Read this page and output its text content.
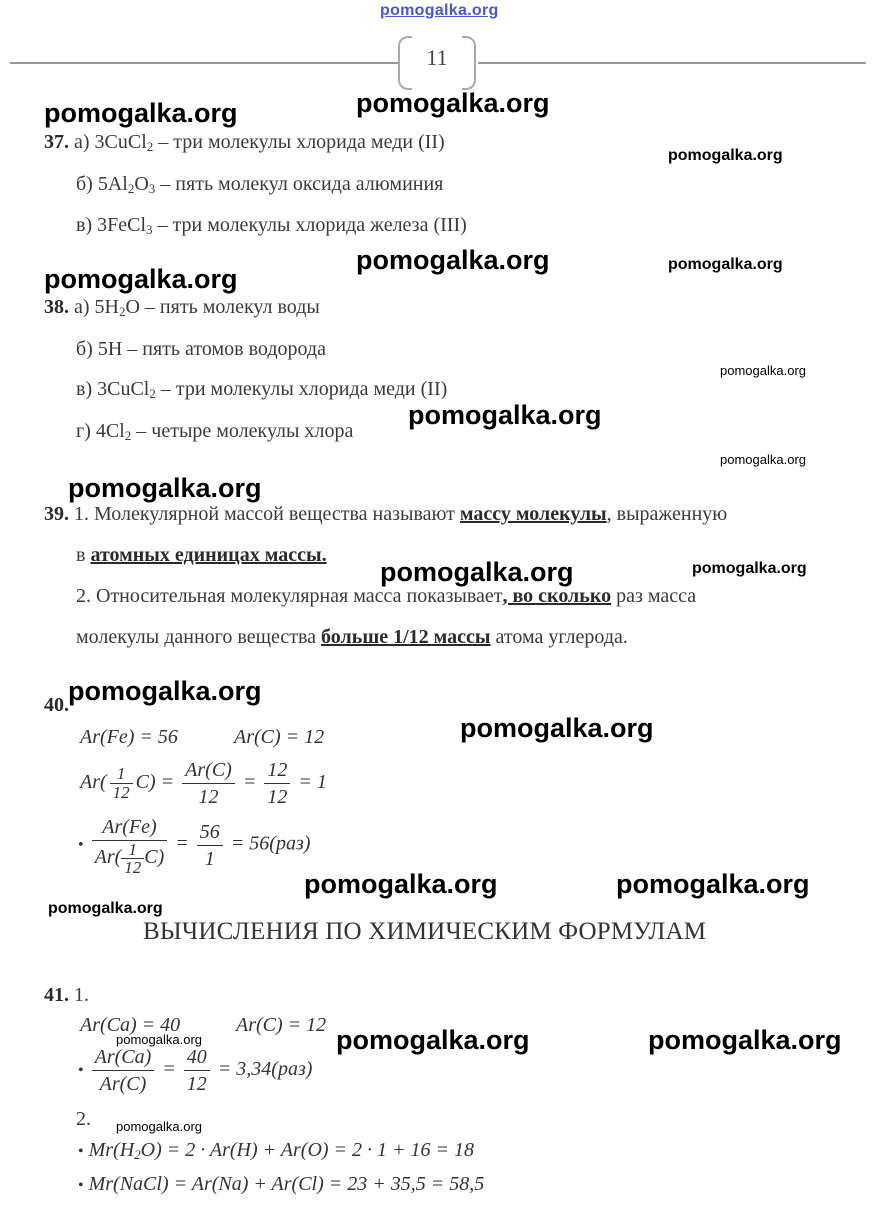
pomogalka.org
11
pomogalka.org	pomogalka.org
pomogalka.org
pomogalka.org
pomogalka.org	pomogalka.org
pomogalka.org
pomogalka.org
pomogalka.org
pomogalka.org
pomogalka.org	pomogalka.org
pomogalka.org
pomogalka.org
pomogalka.org	pomogalka.org
pomogalka.org
pomogalka.org	pomogalka.org
pomogalka.org
pomogalka.org
37. а) 3CuCl$_2$ – три молекулы хлорида меди (II)
б) $5Al_2O_3$ – пять молекул оксида алюминия
в) 3FeCl$_3$ – три молекулы хлорида железа (III)
38. а) $5H_2O$ – пять молекул воды
б) 5H – пять атомов водорода
в) 3CuCl$_2$ – три молекулы хлорида меди (II)
г) $4Cl_2$ – четыре молекулы хлора
39. 1. Молекулярной массой вещества называют массу молекулы, выраженную
в атомных единицах массы.
2. Относительная молекулярная масса показывает, во сколько раз масса
молекулы данного вещества больше 1/12 массы атома углерода.
40.
Ar(Fe) = 56	Ar(C) = 12
$Ar( \frac{1}{12} C) = \frac{Ar(C)}{12} = \frac{12}{12} = 1$
• $\frac{Ar(Fe)}{Ar( \frac{1}{12} C)} = \frac{56}{1} = 56(раз)$
ВЫЧИСЛЕНИЯ ПО ХИМИЧЕСКИМ ФОРМУЛАМ
41. 1.
Ar(Ca) = 40	Ar(C) = 12
• $\frac{Ar(Ca)}{Ar(C)} = \frac{40}{12} = 3,34(раз)$
2.
• $Mr(H_2O) = 2 \cdot Ar(H) + Ar(O) = 2 \cdot 1 + 16 = 18$
• Mr(NaCl) = Ar(Na) + Ar(Cl) = 23 + 35,5 = 58,5
